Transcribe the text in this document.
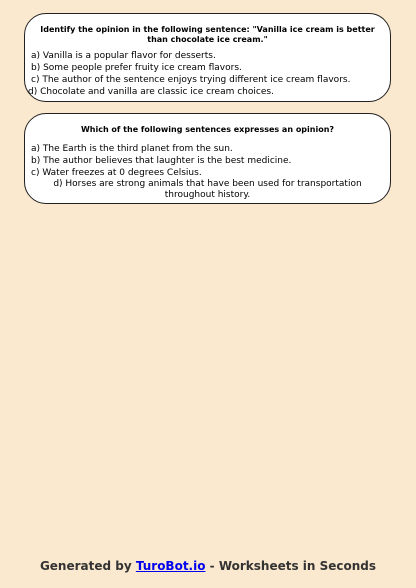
Identify the opinion in the following sentence: "Vanilla ice cream is better than chocolate ice cream."

a) Vanilla is a popular flavor for desserts.
b) Some people prefer fruity ice cream flavors.
c) The author of the sentence enjoys trying different ice cream flavors.
d) Chocolate and vanilla are classic ice cream choices.

Which of the following sentences expresses an opinion?

a) The Earth is the third planet from the sun.
b) The author believes that laughter is the best medicine.
c) Water freezes at 0 degrees Celsius.
d) Horses are strong animals that have been used for transportation throughout history.
Generated by TuroBot.io - Worksheets in Seconds
